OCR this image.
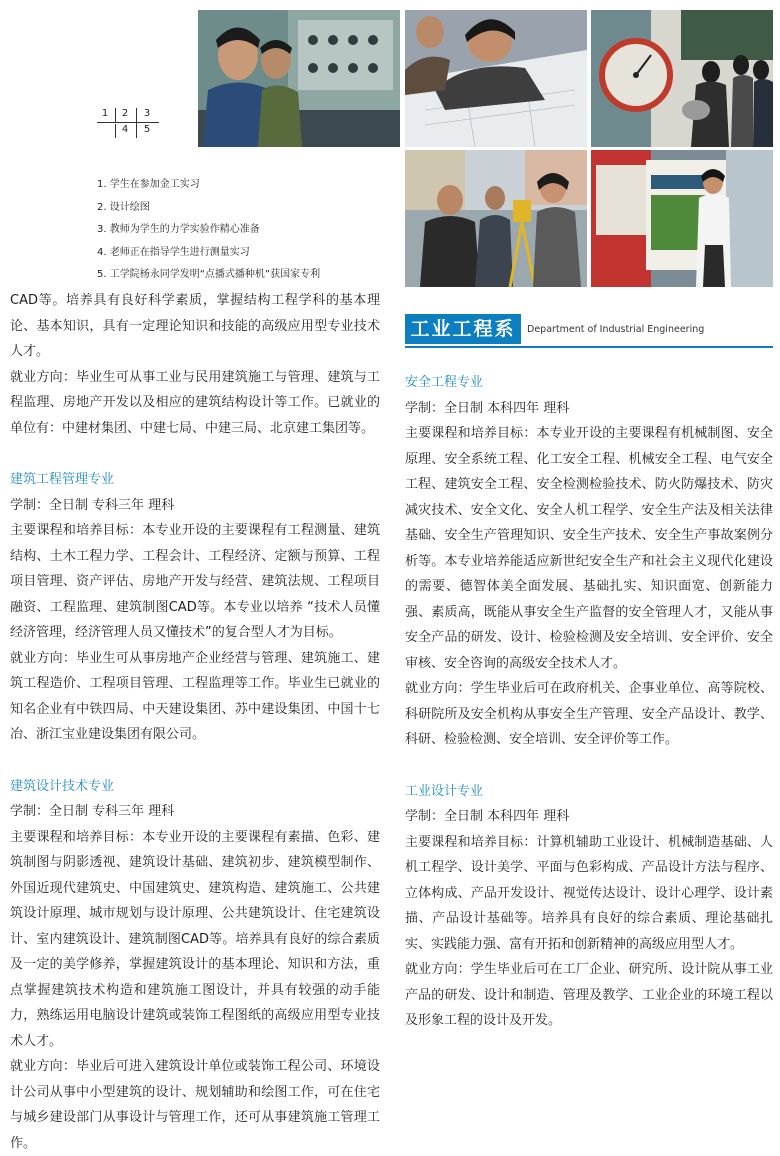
1	2	3
4	5
1. 学生在参加金工实习
2. 设计绘图
3. 教师为学生的力学实验作精心准备
4. 老师正在指导学生进行测量实习
5. 工学院杨永同学发明“点播式播种机”获国家专利

CAD等。培养具有良好科学素质，掌握结构工程学科的基本理论、基本知识，具有一定理论知识和技能的高级应用型专业技术人才。

就业方向：毕业生可从事工业与民用建筑施工与管理、建筑与工程监理、房地产开发以及相应的建筑结构设计等工作。已就业的单位有：中建材集团、中建七局、中建三局、北京建工集团等。

建筑工程管理专业

学制：全日制 专科三年 理科

主要课程和培养目标：本专业开设的主要课程有工程测量、建筑结构、土木工程力学、工程会计、工程经济、定额与预算、工程项目管理、资产评估、房地产开发与经营、建筑法规、工程项目融资、工程监理、建筑制图CAD等。本专业以培养 “技术人员懂经济管理，经济管理人员又懂技术”的复合型人才为目标。

就业方向：毕业生可从事房地产企业经营与管理、建筑施工、建筑工程造价、工程项目管理、工程监理等工作。毕业生已就业的知名企业有中铁四局、中天建设集团、苏中建设集团、中国十七冶、浙江宝业建设集团有限公司。

建筑设计技术专业

学制：全日制 专科三年 理科

主要课程和培养目标：本专业开设的主要课程有素描、色彩、建筑制图与阴影透视、建筑设计基础、建筑初步、建筑模型制作、外国近现代建筑史、中国建筑史、建筑构造、建筑施工、公共建筑设计原理、城市规划与设计原理、公共建筑设计、住宅建筑设计、室内建筑设计、建筑制图CAD等。培养具有良好的综合素质及一定的美学修养，掌握建筑设计的基本理论、知识和方法，重点掌握建筑技术构造和建筑施工图设计，并具有较强的动手能力，熟练运用电脑设计建筑或装饰工程图纸的高级应用型专业技术人才。

就业方向：毕业后可进入建筑设计单位或装饰工程公司、环境设计公司从事中小型建筑的设计、规划辅助和绘图工作，可在住宅与城乡建设部门从事设计与管理工作，还可从事建筑施工管理工作。

工业工程系	Department of Industrial Engineering

安全工程专业

学制：全日制 本科四年 理科

主要课程和培养目标：本专业开设的主要课程有机械制图、安全原理、安全系统工程、化工安全工程、机械安全工程、电气安全工程、建筑安全工程、安全检测检验技术、防火防爆技术、防灾减灾技术、安全文化、安全人机工程学、安全生产法及相关法律基础、安全生产管理知识、安全生产技术、安全生产事故案例分析等。本专业培养能适应新世纪安全生产和社会主义现代化建设的需要、德智体美全面发展、基础扎实、知识面宽、创新能力强、素质高，既能从事安全生产监督的安全管理人才，又能从事安全产品的研发、设计、检验检测及安全培训、安全评价、安全审核、安全咨询的高级安全技术人才。

就业方向：学生毕业后可在政府机关、企事业单位、高等院校、科研院所及安全机构从事安全生产管理、安全产品设计、教学、科研、检验检测、安全培训、安全评价等工作。

工业设计专业

学制：全日制 本科四年 理科

主要课程和培养目标：计算机辅助工业设计、机械制造基础、人机工程学、设计美学、平面与色彩构成、产品设计方法与程序、立体构成、产品开发设计、视觉传达设计、设计心理学、设计素描、产品设计基础等。培养具有良好的综合素质、理论基础扎实、实践能力强、富有开拓和创新精神的高级应用型人才。

就业方向：学生毕业后可在工厂企业、研究所、设计院从事工业产品的研发、设计和制造、管理及教学、工业企业的环境工程以及形象工程的设计及开发。
